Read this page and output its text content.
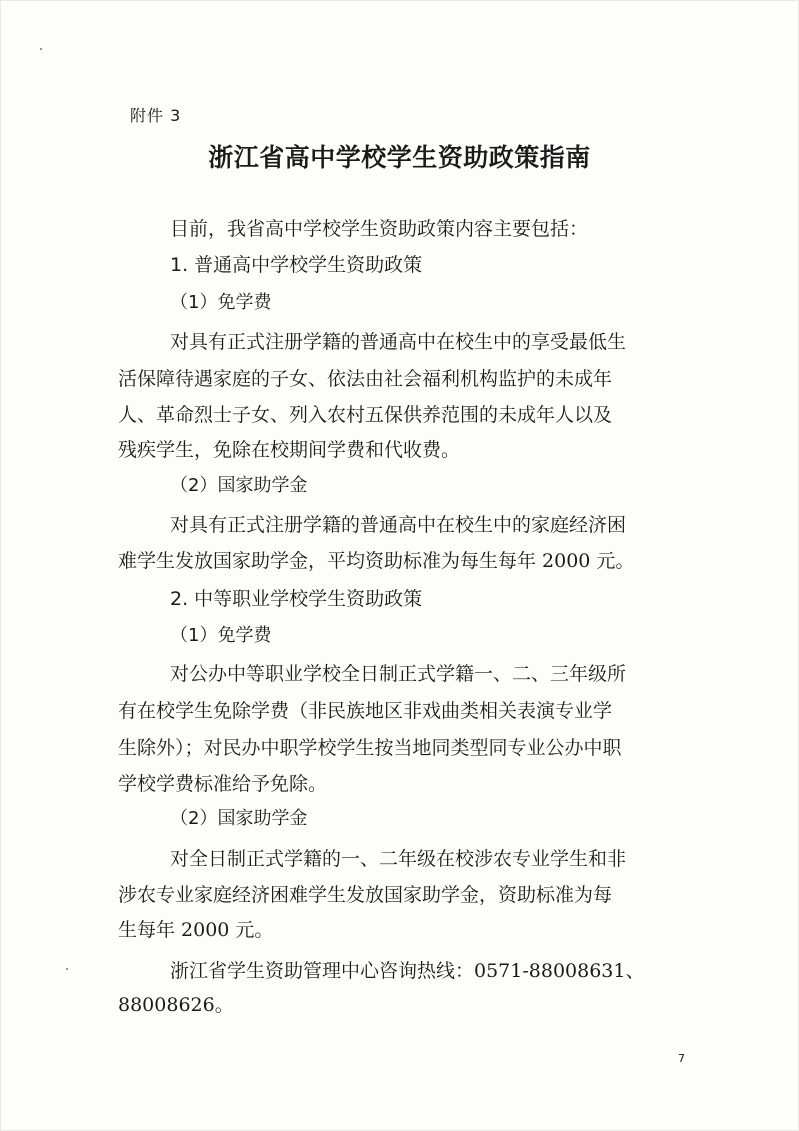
附件 3
浙江省高中学校学生资助政策指南
目前，我省高中学校学生资助政策内容主要包括：
1. 普通高中学校学生资助政策
（1）免学费
对具有正式注册学籍的普通高中在校生中的享受最低生
活保障待遇家庭的子女、依法由社会福利机构监护的未成年
人、革命烈士子女、列入农村五保供养范围的未成年人以及
残疾学生，免除在校期间学费和代收费。
（2）国家助学金
对具有正式注册学籍的普通高中在校生中的家庭经济困
难学生发放国家助学金，平均资助标准为每生每年 2000 元。
2. 中等职业学校学生资助政策
（1）免学费
对公办中等职业学校全日制正式学籍一、二、三年级所
有在校学生免除学费（非民族地区非戏曲类相关表演专业学
生除外）；对民办中职学校学生按当地同类型同专业公办中职
学校学费标准给予免除。
（2）国家助学金
对全日制正式学籍的一、二年级在校涉农专业学生和非
涉农专业家庭经济困难学生发放国家助学金，资助标准为每
生每年 2000 元。
浙江省学生资助管理中心咨询热线：0571-88008631、
88008626。
7
